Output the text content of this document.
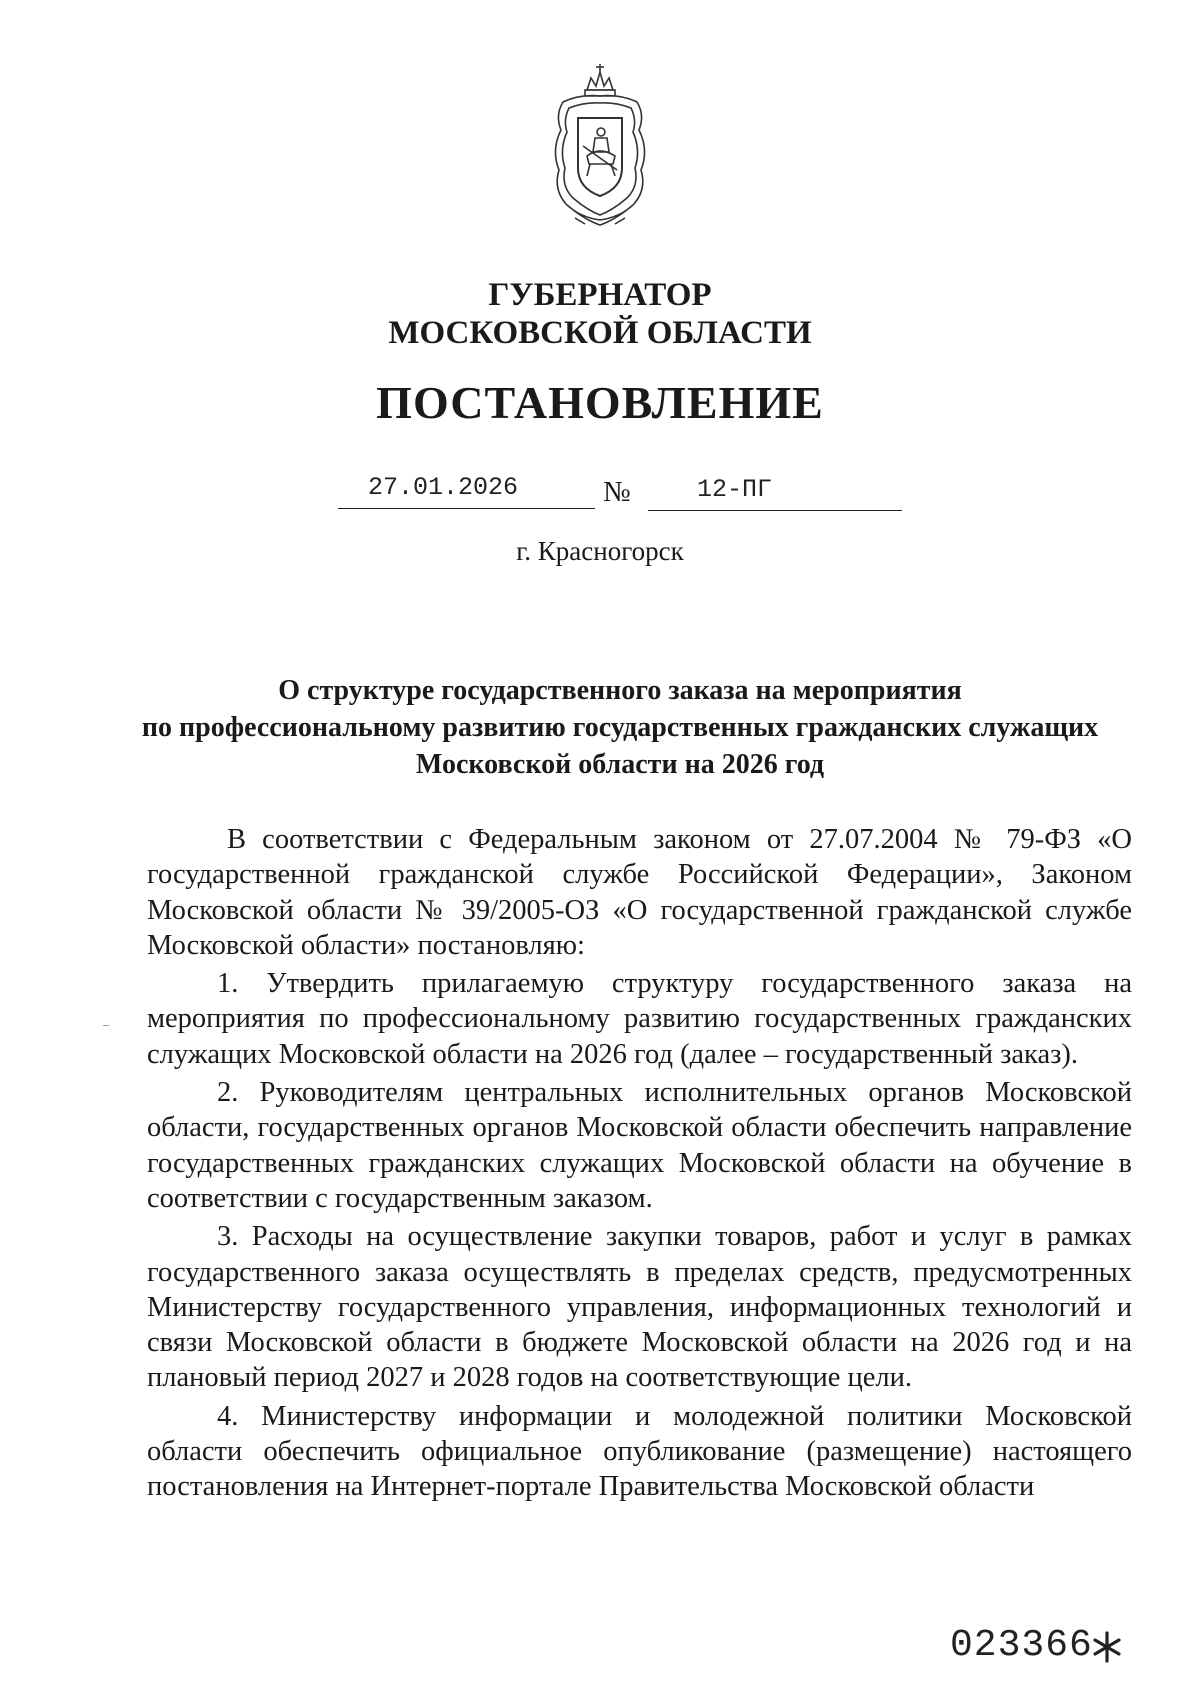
ГУБЕРНАТОР
МОСКОВСКОЙ ОБЛАСТИ
ПОСТАНОВЛЕНИЕ
27.01.2026	№	12-ПГ
г. Красногорск
О структуре государственного заказа на мероприятия
по профессиональному развитию государственных гражданских служащих
Московской области на 2026 год

В соответствии с Федеральным законом от 27.07.2004 № 79-ФЗ «О государственной гражданской службе Российской Федерации», Законом Московской области № 39/2005-ОЗ «О государственной гражданской службе Московской области» постановляю:

1. Утвердить прилагаемую структуру государственного заказа на мероприятия по профессиональному развитию государственных гражданских служащих Московской области на 2026 год (далее – государственный заказ).

2. Руководителям центральных исполнительных органов Московской области, государственных органов Московской области обеспечить направление государственных гражданских служащих Московской области на обучение в соответствии с государственным заказом.

3. Расходы на осуществление закупки товаров, работ и услуг в рамках государственного заказа осуществлять в пределах средств, предусмотренных Министерству государственного управления, информационных технологий и связи Московской области в бюджете Московской области на 2026 год и на плановый период 2027 и 2028 годов на соответствующие цели.

4. Министерству информации и молодежной политики Московской области обеспечить официальное опубликование (размещение) настоящего постановления на Интернет-портале Правительства Московской области

023366
